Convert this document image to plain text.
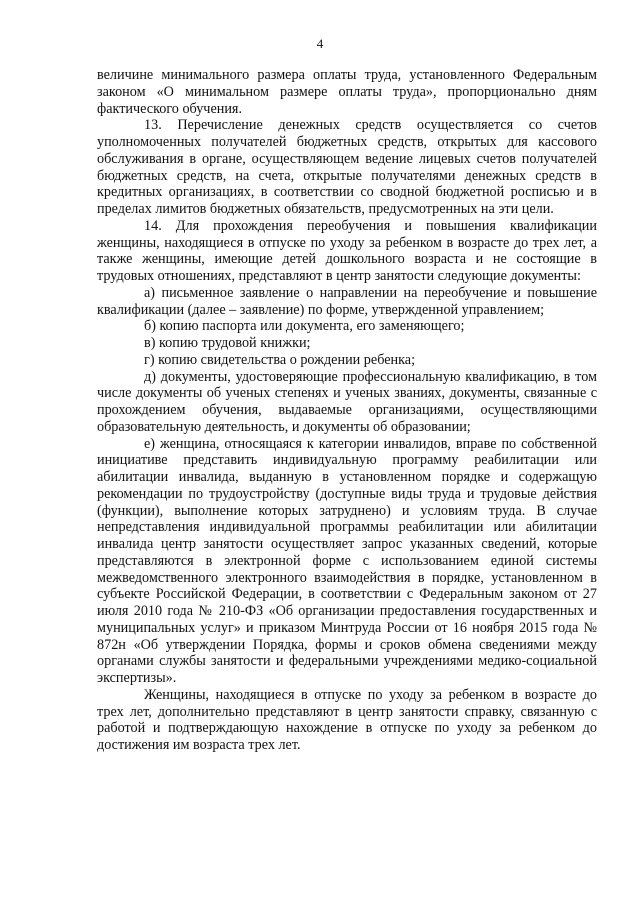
4

величине минимального размера оплаты труда, установленного Федеральным законом «О минимальном размере оплаты труда», пропорционально дням фактического обучения.

13. Перечисление денежных средств осуществляется со счетов уполномоченных получателей бюджетных средств, открытых для кассового обслуживания в органе, осуществляющем ведение лицевых счетов получателей бюджетных средств, на счета, открытые получателями денежных средств в кредитных организациях, в соответствии со сводной бюджетной росписью и в пределах лимитов бюджетных обязательств, предусмотренных на эти цели.

14. Для прохождения переобучения и повышения квалификации женщины, находящиеся в отпуске по уходу за ребенком в возрасте до трех лет, а также женщины, имеющие детей дошкольного возраста и не состоящие в трудовых отношениях, представляют в центр занятости следующие документы:

а) письменное заявление о направлении на переобучение и повышение квалификации (далее – заявление) по форме, утвержденной управлением;

б) копию паспорта или документа, его заменяющего;

в) копию трудовой книжки;

г) копию свидетельства о рождении ребенка;

д) документы, удостоверяющие профессиональную квалификацию, в том числе документы об ученых степенях и ученых званиях, документы, связанные с прохождением обучения, выдаваемые организациями, осуществляющими образовательную деятельность, и документы об образовании;

е) женщина, относящаяся к категории инвалидов, вправе по собственной инициативе представить индивидуальную программу реабилитации или абилитации инвалида, выданную в установленном порядке и содержащую рекомендации по трудоустройству (доступные виды труда и трудовые действия (функции), выполнение которых затруднено) и условиям труда. В случае непредставления индивидуальной программы реабилитации или абилитации инвалида центр занятости осуществляет запрос указанных сведений, которые представляются в электронной форме с использованием единой системы межведомственного электронного взаимодействия в порядке, установленном в субъекте Российской Федерации, в соответствии с Федеральным законом от 27 июля 2010 года № 210-ФЗ «Об организации предоставления государственных и муниципальных услуг» и приказом Минтруда России от 16 ноября 2015 года № 872н «Об утверждении Порядка, формы и сроков обмена сведениями между органами службы занятости и федеральными учреждениями медико-социальной экспертизы».

Женщины, находящиеся в отпуске по уходу за ребенком в возрасте до трех лет, дополнительно представляют в центр занятости справку, связанную с работой и подтверждающую нахождение в отпуске по уходу за ребенком до достижения им возраста трех лет.
